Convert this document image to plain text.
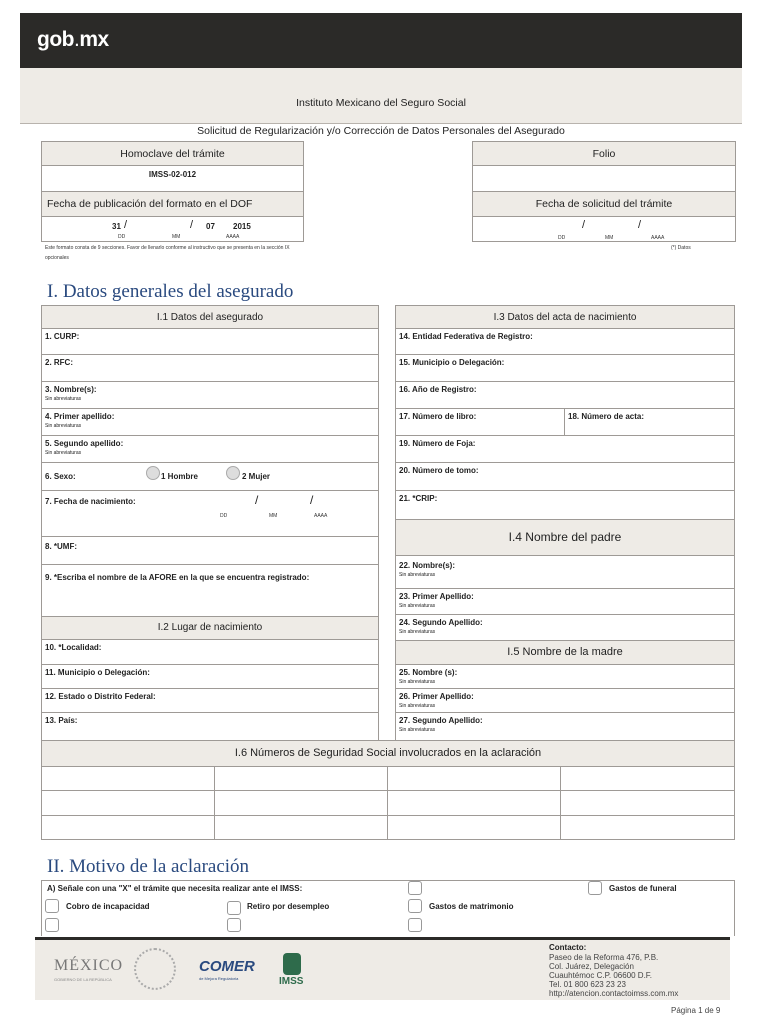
gob.mx
Instituto Mexicano del Seguro Social
Solicitud de Regularización y/o Corrección de Datos Personales del Asegurado
Homoclave del trámite
IMSS-02-012
Fecha de publicación del formato en el DOF
31 /	/ 07 2015
DD	MM	AAAA
Folio
Fecha de solicitud del trámite
/	/
DD	MM	AAAA
Este formato consta de 9 secciones. Favor de llenarlo conforme al instructivo que se presenta en la sección IX
opcionales
(*) Datos
I. Datos generales del asegurado
I.1 Datos del asegurado
1. CURP:
2. RFC:
3. Nombre(s):
Sin abreviaturas
4. Primer apellido:
Sin abreviaturas
5. Segundo apellido:
Sin abreviaturas
6. Sexo:	1 Hombre	2 Mujer
7. Fecha de nacimiento:	/	/
DD	MM	AAAA
8. *UMF:
9. *Escriba el nombre de la AFORE en la que se encuentra registrado:
I.2 Lugar de nacimiento
10. *Localidad:
11. Municipio o Delegación:
12. Estado o Distrito Federal:
13. País:
I.3 Datos del acta de nacimiento
14. Entidad Federativa de Registro:
15. Municipio o Delegación:
16. Año de Registro:
17. Número de libro:	18. Número de acta:
19. Número de Foja:
20. Número de tomo:
21. *CRIP:
I.4 Nombre del padre
22. Nombre(s):
Sin abreviaturas
23. Primer Apellido:
Sin abreviaturas
24. Segundo Apellido:
Sin abreviaturas
I.5 Nombre de la madre
25. Nombre (s):
Sin abreviaturas
26. Primer Apellido:
Sin abreviaturas
27. Segundo Apellido:
Sin abreviaturas
I.6 Números de Seguridad Social involucrados en la aclaración
II. Motivo de la aclaración
A) Señale con una "X" el trámite que necesita realizar ante el IMSS:	Gastos de funeral
Cobro de incapacidad	Retiro por desempleo	Gastos de matrimonio
MÉXICO
GOBIERNO DE LA REPÚBLICA
COMER
de Mejora Regulatoria	IMSS
Contacto:
Paseo de la Reforma 476, P.B.
Col. Juárez, Delegación
Cuauhtémoc C.P. 06600 D.F.
Tel. 01 800 623 23 23
http://atencion.contactoimss.com.mx
Página 1 de 9
